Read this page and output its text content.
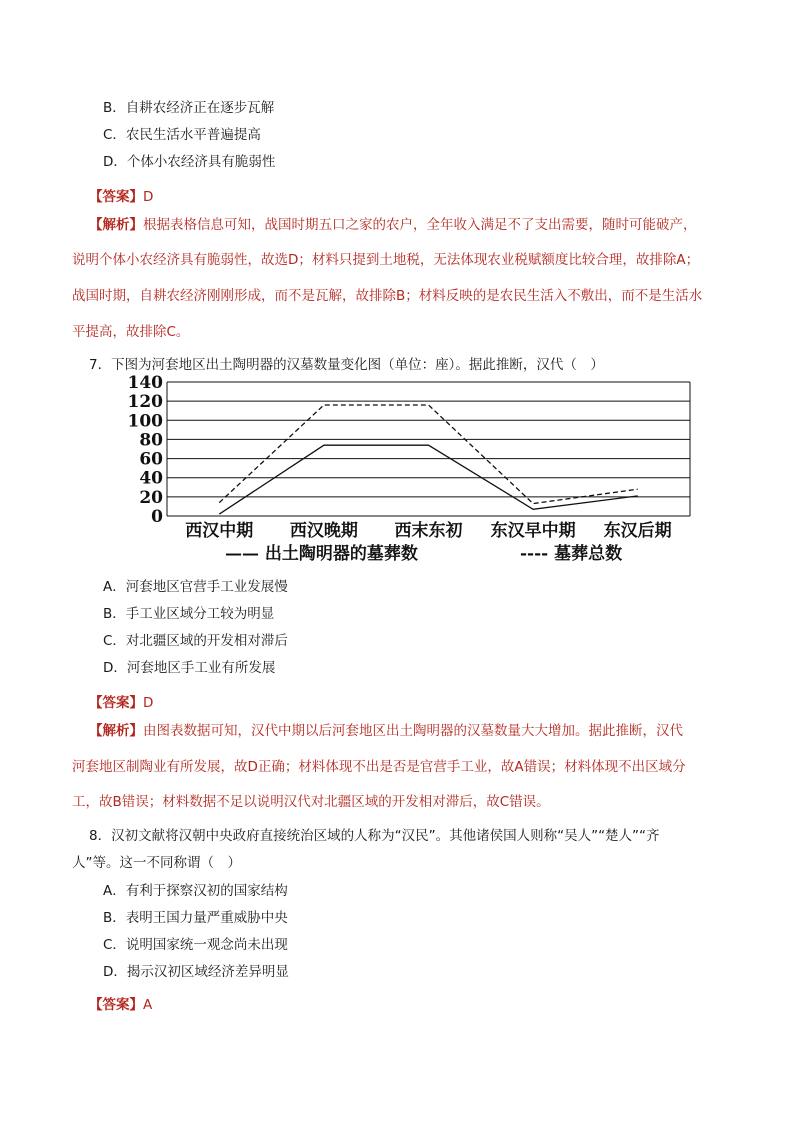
B．自耕农经济正在逐步瓦解
C．农民生活水平普遍提高
D．个体小农经济具有脆弱性
【答案】D
【解析】根据表格信息可知，战国时期五口之家的农户，全年收入满足不了支出需要，随时可能破产，
说明个体小农经济具有脆弱性，故选D；材料只提到土地税，无法体现农业税赋额度比较合理，故排除A；
战国时期，自耕农经济刚刚形成，而不是瓦解，故排除B；材料反映的是农民生活入不敷出，而不是生活水
平提高，故排除C。
7．下图为河套地区出土陶明器的汉墓数量变化图（单位：座）。据此推断，汉代（　）
0
20
40
60
80
100
120
140
西汉中期 西汉晚期 西末东初 东汉早中期 东汉后期
—— 出土陶明器的墓葬数	---- 墓葬总数
A．河套地区官营手工业发展慢
B．手工业区域分工较为明显
C．对北疆区域的开发相对滞后
D．河套地区手工业有所发展
【答案】D
【解析】由图表数据可知，汉代中期以后河套地区出土陶明器的汉墓数量大大增加。据此推断，汉代
河套地区制陶业有所发展，故D正确；材料体现不出是否是官营手工业，故A错误；材料体现不出区域分
工，故B错误；材料数据不足以说明汉代对北疆区域的开发相对滞后，故C错误。
8．汉初文献将汉朝中央政府直接统治区域的人称为“汉民”。其他诸侯国人则称“吴人”“楚人”“齐
人”等。这一不同称谓（　）
A．有利于探察汉初的国家结构
B．表明王国力量严重威胁中央
C．说明国家统一观念尚未出现
D．揭示汉初区域经济差异明显
【答案】A
